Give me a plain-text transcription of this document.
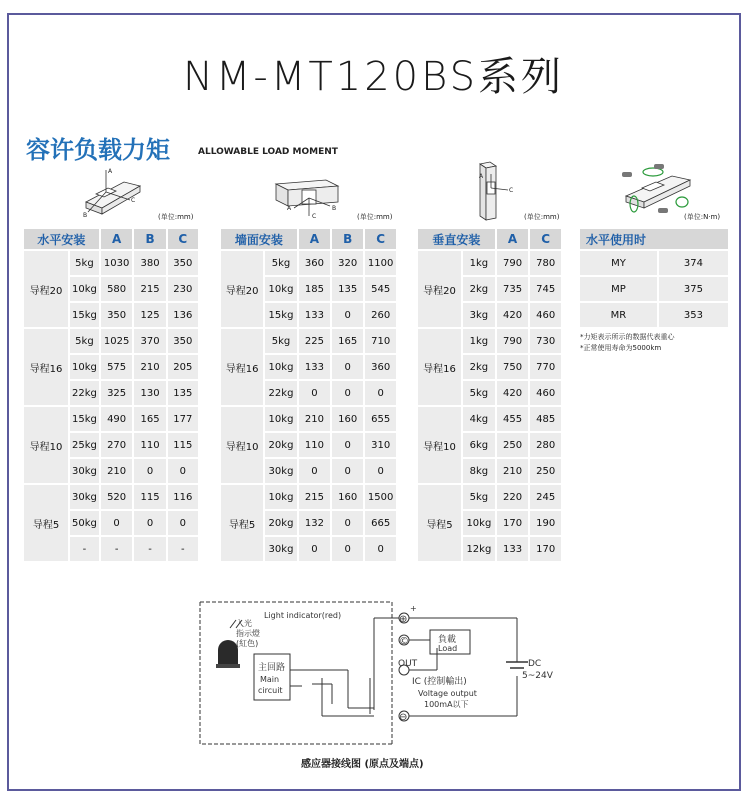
NM-MT120BS系列
容许负载力矩	ALLOWABLE LOAD MOMENT
A
C
B	(单位:mm)
A
C
B
(单位:mm)
A
C
(单位:mm)	(单位:N·m)
水平安装		A	B	C
导程20	5kg	1030	380	350
	10kg	580	215	230
	15kg	350	125	136
导程16	5kg	1025	370	350
	10kg	575	210	205
	22kg	325	130	135
导程10	15kg	490	165	177
	25kg	270	110	115
	30kg	210	0	0
导程5	30kg	520	115	116
	50kg	0	0	0
	-	-	-	-
墙面安装		A	B	C
导程20	5kg	360	320	1100
	10kg	185	135	545
	15kg	133	0	260
导程16	5kg	225	165	710
	10kg	133	0	360
	22kg	0	0	0
导程10	10kg	210	160	655
	20kg	110	0	310
	30kg	0	0	0
导程5	10kg	215	160	1500
	20kg	132	0	665
	30kg	0	0	0
垂直安装		A	C
导程20	1kg	790	780
	2kg	735	745
	3kg	420	460
导程16	1kg	790	730
	2kg	750	770
	5kg	420	460
导程10	4kg	455	485
	6kg	250	280
	8kg	210	250
导程5	5kg	220	245
	10kg	170	190
	12kg	133	170
水平使用时	
MY	374
MP	375
MR	353
*力矩表示所示的数据代表重心
*正常使用寿命为5000km
⊕
©
⊖
+
Light indicator(red)
入光
指示燈
(紅色)
主回路
Main
circuit
負載
Load
OUT
IC (控制輸出)
Voltage output
100mA以下
DC
5~24V
感应器接线图 (原点及端点)
